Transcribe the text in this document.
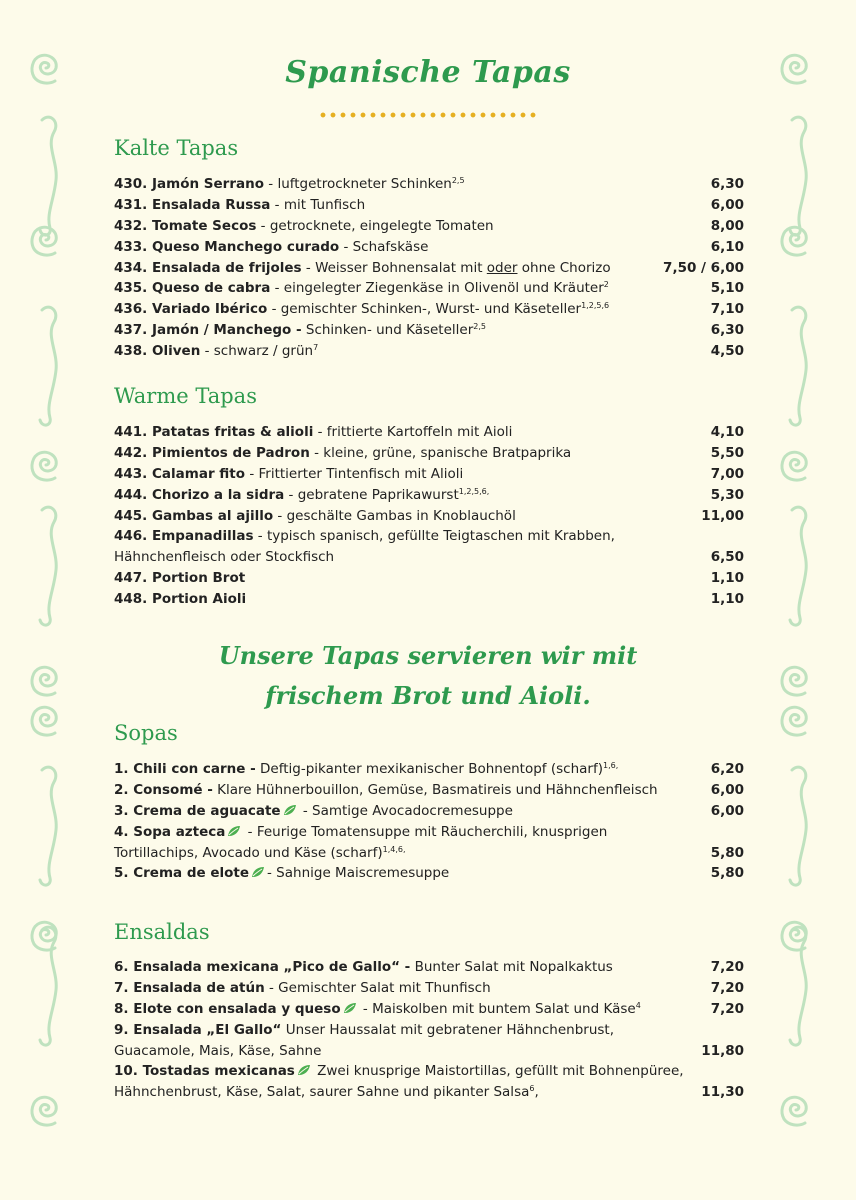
Spanische Tapas
Kalte Tapas
430. Jamón Serrano - luftgetrockneter Schinken$^{2,5}$	6,30
431. Ensalada Russa - mit Tunfisch	6,00
432. Tomate Secos - getrocknete, eingelegte Tomaten	8,00
433. Queso Manchego curado - Schafskäse	6,10
434. Ensalada de frijoles - Weisser Bohnensalat mit oder ohne Chorizo	7,50 / 6,00
435. Queso de cabra - eingelegter Ziegenkäse in Olivenöl und Kräuter$^2$	5,10
436. Variado Ibérico - gemischter Schinken-, Wurst- und Käseteller$^{1,2,5,6}$	7,10
437. Jamón / Manchego - Schinken- und Käseteller$^{2,5}$	6,30
438. Oliven - schwarz / grün$^7$	4,50
Warme Tapas
441. Patatas fritas & alioli - frittierte Kartoffeln mit Aioli	4,10
442. Pimientos de Padron - kleine, grüne, spanische Bratpaprika	5,50
443. Calamar fito - Frittierter Tintenfisch mit Alioli	7,00
444. Chorizo a la sidra - gebratene Paprikawurst$^{1,2,5,6,}$	5,30
445. Gambas al ajillo - geschälte Gambas in Knoblauchöl	11,00
446. Empanadillas - typisch spanisch, gefüllte Teigtaschen mit Krabben, Hähnchenfleisch oder Stockfisch	6,50
447. Portion Brot	1,10
448. Portion Aioli	1,10
Unsere Tapas servieren wir mit
frischem Brot und Aioli.
Sopas
1. Chili con carne - Deftig-pikanter mexikanischer Bohnentopf (scharf)$^{1,6,}$	6,20
2. Consomé - Klare Hühnerbouillon, Gemüse, Basmatireis und Hähnchenfleisch	6,00
3. Crema de aguacate
- Samtige Avocadocremesuppe	6,00
4. Sopa azteca
- Feurige Tomatensuppe mit Räucherchili, knusprigen Tortillachips, Avocado und Käse (scharf)$^{1,4,6,}$	5,80
5. Crema de elote - Sahnige Maiscremesuppe	5,80
Ensaldas
6. Ensalada mexicana „Pico de Gallo“ - Bunter Salat mit Nopalkaktus	7,20
7. Ensalada de atún - Gemischter Salat mit Thunfisch	7,20
8. Elote con ensalada y queso
- Maiskolben mit buntem Salat und Käse$^4$	7,20
9. Ensalada „El Gallo“ Unser Haussalat mit gebratener Hähnchenbrust, Guacamole, Mais, Käse, Sahne	11,80
10. Tostadas mexicanas
Zwei knusprige Maistortillas, gefüllt mit Bohnenpüree, Hähnchenbrust, Käse, Salat, saurer Sahne und pikanter Salsa$^6$,	11,30
